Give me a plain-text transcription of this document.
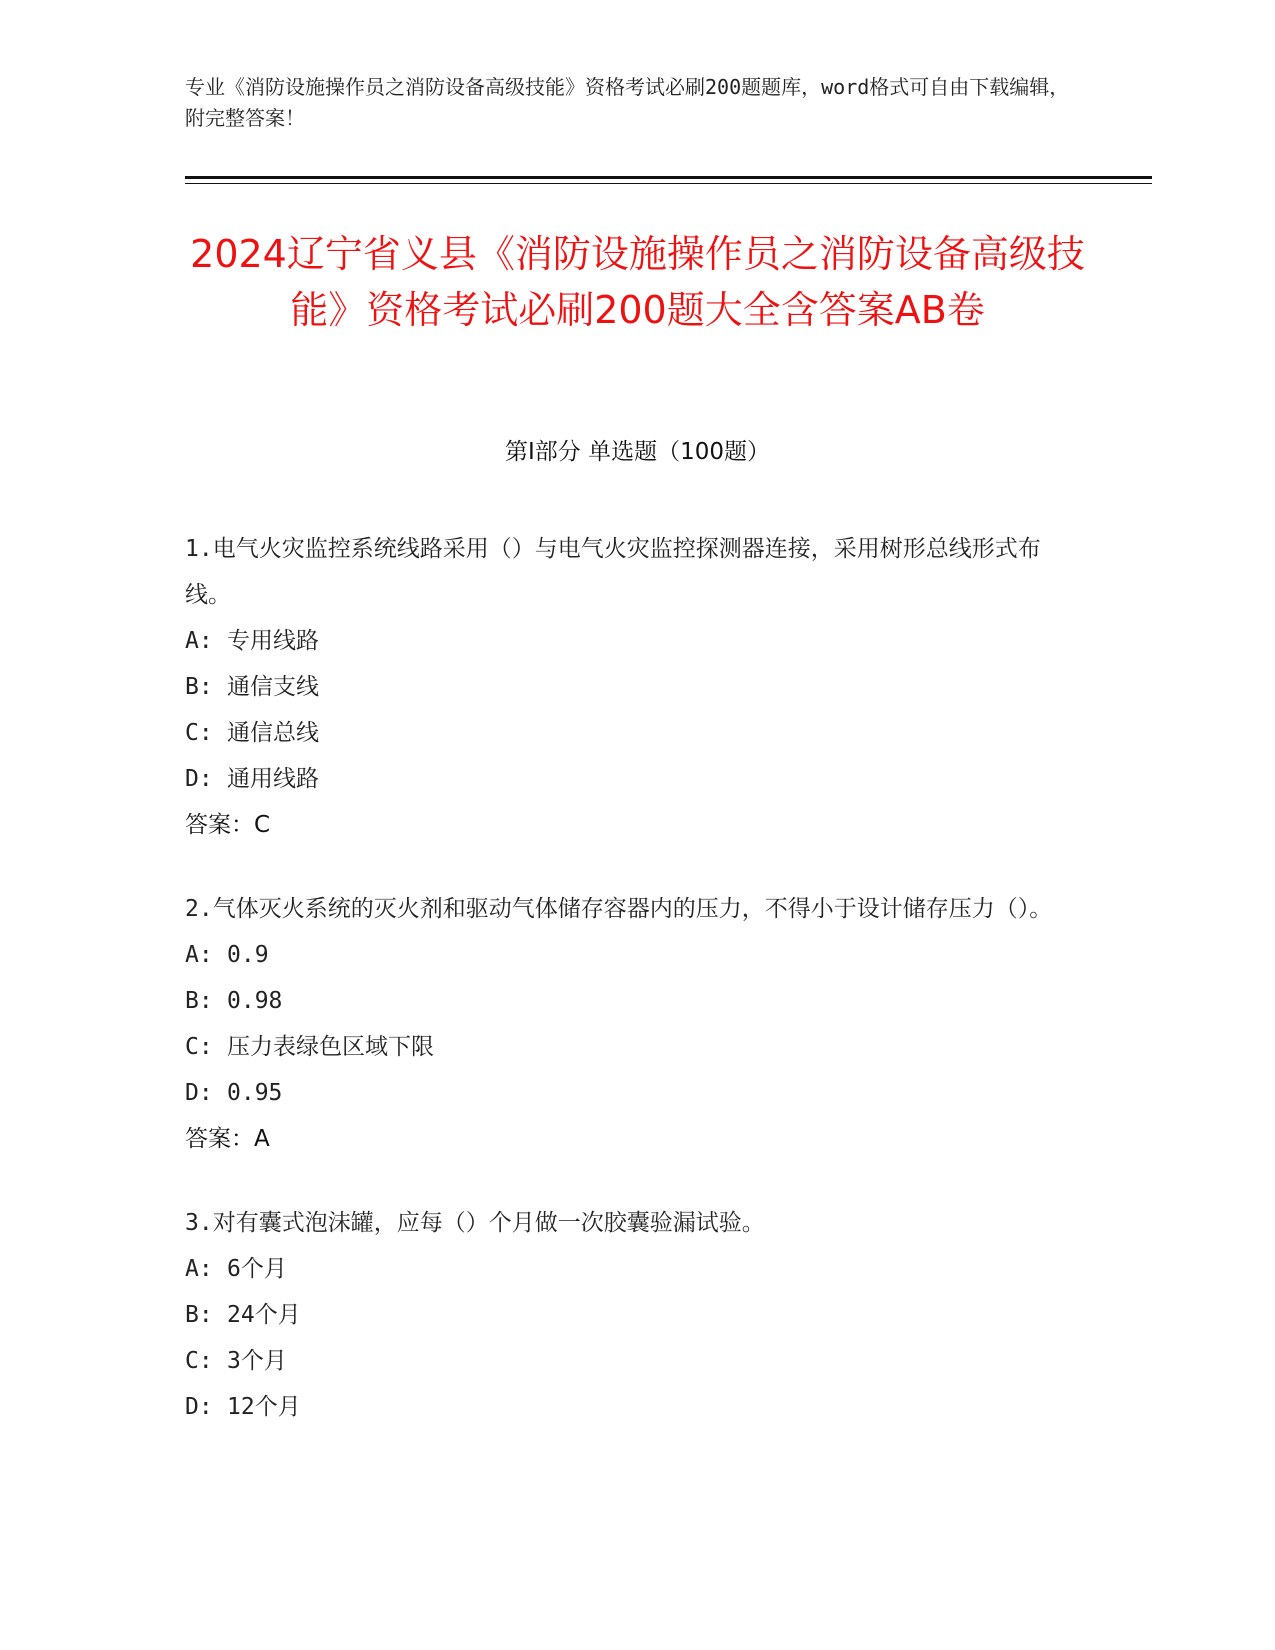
专业《消防设施操作员之消防设备高级技能》资格考试必刷200题题库，word格式可自由下载编辑，附完整答案！
2024辽宁省义县《消防设施操作员之消防设备高级技能》资格考试必刷200题大全含答案AB卷
第Ⅰ部分 单选题（100题）

1.电气火灾监控系统线路采用（）与电气火灾监控探测器连接，采用树形总线形式布线。

A: 专用线路
B: 通信支线
C: 通信总线
D: 通用线路
答案：C

2.气体灭火系统的灭火剂和驱动气体储存容器内的压力，不得小于设计储存压力（）。

A: 0.9
B: 0.98
C: 压力表绿色区域下限
D: 0.95
答案：A

3.对有囊式泡沫罐，应每（）个月做一次胶囊验漏试验。

A: 6个月
B: 24个月
C: 3个月
D: 12个月
